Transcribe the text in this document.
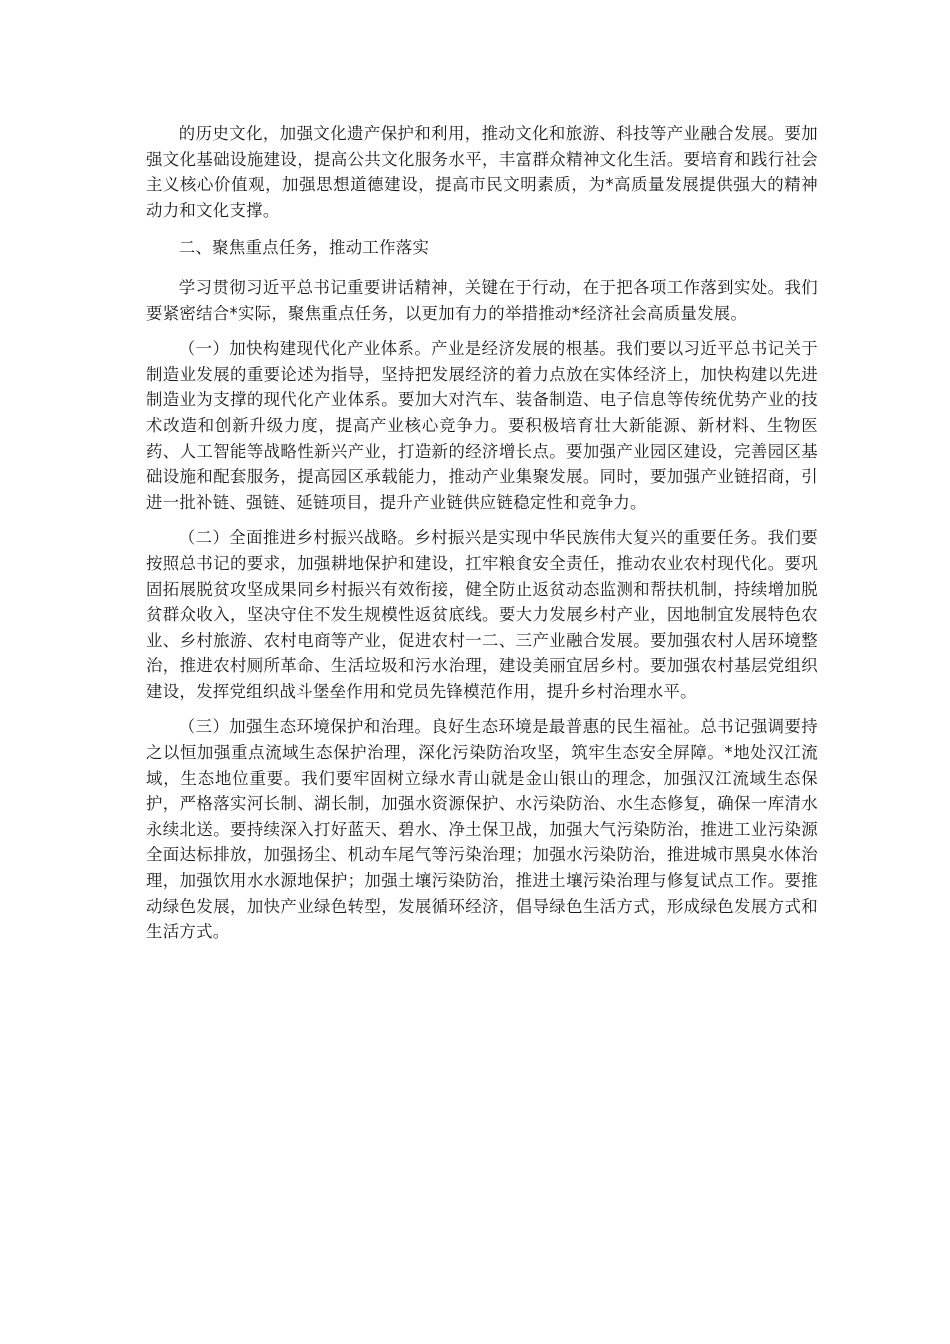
的历史文化，加强文化遗产保护和利用，推动文化和旅游、科技等产业融合发展。要加强文化基础设施建设，提高公共文化服务水平，丰富群众精神文化生活。要培育和践行社会主义核心价值观，加强思想道德建设，提高市民文明素质，为*高质量发展提供强大的精神动力和文化支撑。

二、聚焦重点任务，推动工作落实

学习贯彻习近平总书记重要讲话精神，关键在于行动，在于把各项工作落到实处。我们要紧密结合*实际，聚焦重点任务，以更加有力的举措推动*经济社会高质量发展。

（一）加快构建现代化产业体系。产业是经济发展的根基。我们要以习近平总书记关于制造业发展的重要论述为指导，坚持把发展经济的着力点放在实体经济上，加快构建以先进制造业为支撑的现代化产业体系。要加大对汽车、装备制造、电子信息等传统优势产业的技术改造和创新升级力度，提高产业核心竞争力。要积极培育壮大新能源、新材料、生物医药、人工智能等战略性新兴产业，打造新的经济增长点。要加强产业园区建设，完善园区基础设施和配套服务，提高园区承载能力，推动产业集聚发展。同时，要加强产业链招商，引进一批补链、强链、延链项目，提升产业链供应链稳定性和竞争力。

（二）全面推进乡村振兴战略。乡村振兴是实现中华民族伟大复兴的重要任务。我们要按照总书记的要求，加强耕地保护和建设，扛牢粮食安全责任，推动农业农村现代化。要巩固拓展脱贫攻坚成果同乡村振兴有效衔接，健全防止返贫动态监测和帮扶机制，持续增加脱贫群众收入，坚决守住不发生规模性返贫底线。要大力发展乡村产业，因地制宜发展特色农业、乡村旅游、农村电商等产业，促进农村一二、三产业融合发展。要加强农村人居环境整治，推进农村厕所革命、生活垃圾和污水治理，建设美丽宜居乡村。要加强农村基层党组织建设，发挥党组织战斗堡垒作用和党员先锋模范作用，提升乡村治理水平。

（三）加强生态环境保护和治理。良好生态环境是最普惠的民生福祉。总书记强调要持之以恒加强重点流域生态保护治理，深化污染防治攻坚，筑牢生态安全屏障。*地处汉江流域，生态地位重要。我们要牢固树立绿水青山就是金山银山的理念，加强汉江流域生态保护，严格落实河长制、湖长制，加强水资源保护、水污染防治、水生态修复，确保一库清水永续北送。要持续深入打好蓝天、碧水、净土保卫战，加强大气污染防治，推进工业污染源全面达标排放，加强扬尘、机动车尾气等污染治理；加强水污染防治，推进城市黑臭水体治理，加强饮用水水源地保护；加强土壤污染防治，推进土壤污染治理与修复试点工作。要推动绿色发展，加快产业绿色转型，发展循环经济，倡导绿色生活方式，形成绿色发展方式和生活方式。
